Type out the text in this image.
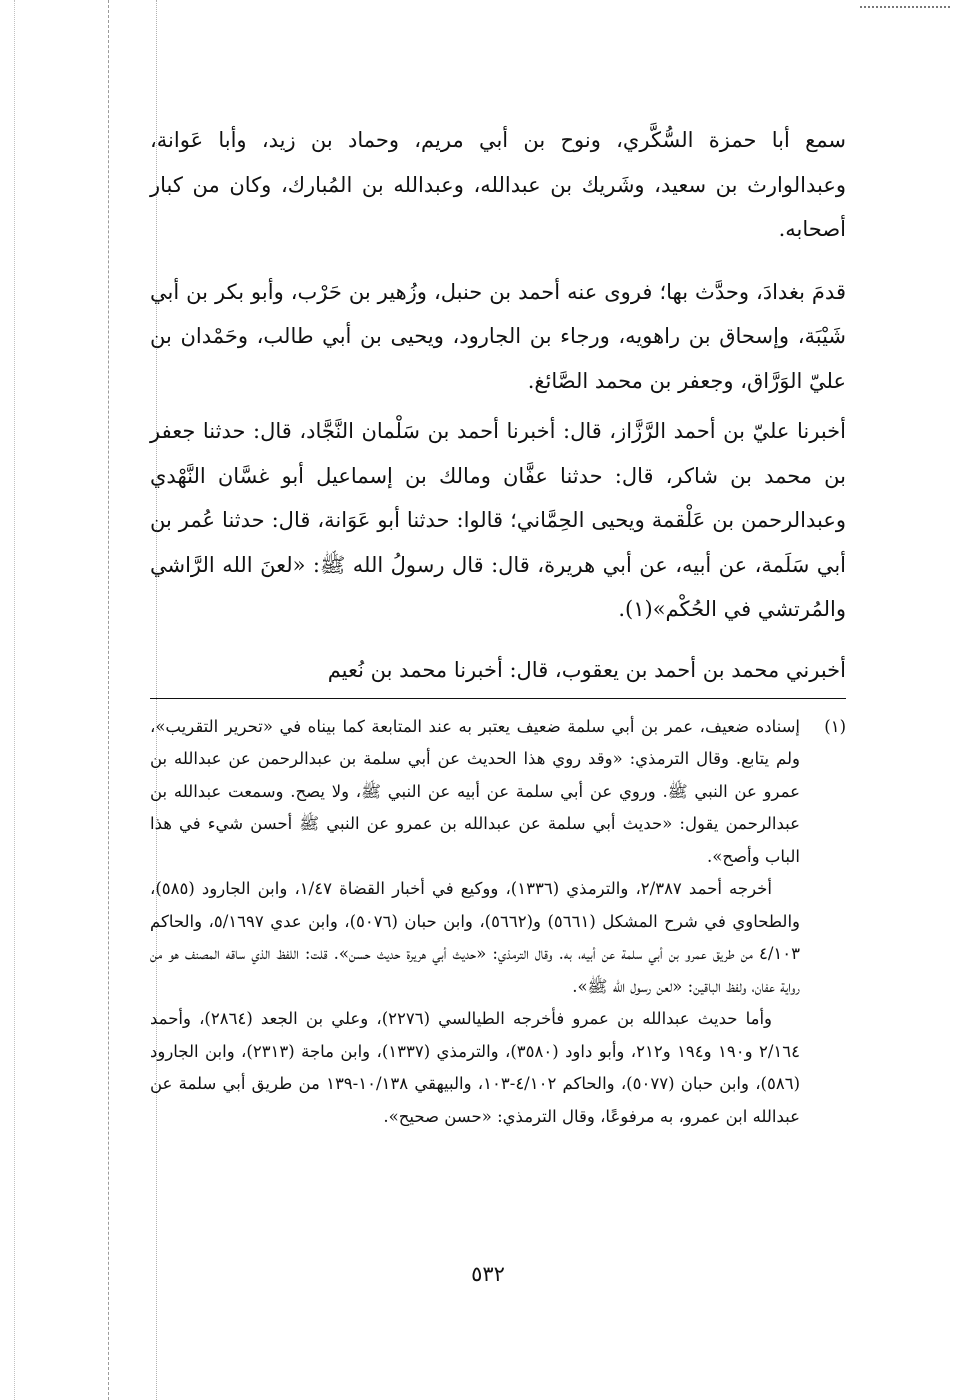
سمع أبا حمزة السُّكَّري، ونوح بن أبي مريم، وحماد بن زيد، وأبا عَوانة، وعبدالوارث بن سعيد، وشَريك بن عبدالله، وعبدالله بن المُبارك، وكان من كبار أصحابه.

قدمَ بغدادَ، وحدَّث بها؛ فروى عنه أحمد بن حنبل، وزُهير بن حَرْب، وأبو بكر بن أبي شَيْبَة، وإسحاق بن راهويه، ورجاء بن الجارود، ويحيى بن أبي طالب، وحَمْدان بن عليّ الوَرَّاق، وجعفر بن محمد الصَّائغ.

أخبرنا عليّ بن أحمد الرَّزَّاز، قال: أخبرنا أحمد بن سَلْمان النَّجَّاد، قال: حدثنا جعفر بن محمد بن شاكر، قال: حدثنا عفَّان ومالك بن إسماعيل أبو غسَّان النَّهْدي وعبدالرحمن بن عَلْقمة ويحيى الحِمَّاني؛ قالوا: حدثنا أبو عَوَانة، قال: حدثنا عُمر بن أبي سَلَمة، عن أبيه، عن أبي هريرة، قال: قال رسولُ الله ﷺ: «لعنَ الله الرَّاشي والمُرتشي في الحُكْم»(١).

أخبرني محمد بن أحمد بن يعقوب، قال: أخبرنا محمد بن نُعيم

(١)

إسناده ضعيف، عمر بن أبي سلمة ضعيف يعتبر به عند المتابعة كما بيناه في «تحرير التقريب»، ولم يتابع. وقال الترمذي: «وقد روي هذا الحديث عن أبي سلمة بن عبدالرحمن عن عبدالله بن عمرو عن النبي ﷺ. وروي عن أبي سلمة عن أبيه عن النبي ﷺ، ولا يصح. وسمعت عبدالله بن عبدالرحمن يقول: «حديث أبي سلمة عن عبدالله بن عمرو عن النبي ﷺ أحسن شيء في هذا الباب وأصح».

أخرجه أحمد ٢/٣٨٧، والترمذي (١٣٣٦)، ووكيع في أخبار القضاة ١/٤٧، وابن الجارود (٥٨٥)، والطحاوي في شرح المشكل (٥٦٦١) و(٥٦٦٢)، وابن حبان (٥٠٧٦)، وابن عدي ٥/١٦٩٧، والحاكم ٤/١٠٣ من طريق عمرو بن أبي سلمة عن أبيه، به. وقال الترمذي: «حديث أبي هريرة حديث حسن». قلت: اللفظ الذي ساقه المصنف هو من رواية عفان، ولفظ الباقين: «لعن رسول الله ﷺ».

وأما حديث عبدالله بن عمرو فأخرجه الطيالسي (٢٢٧٦)، وعلي بن الجعد (٢٨٦٤)، وأحمد ٢/١٦٤ و١٩٠ و١٩٤ و٢١٢، وأبو داود (٣٥٨٠)، والترمذي (١٣٣٧)، وابن ماجة (٢٣١٣)، وابن الجارود (٥٨٦)، وابن حبان (٥٠٧٧)، والحاكم ٤/١٠٢-١٠٣، والبيهقي ١٠/١٣٨-١٣٩ من طريق أبي سلمة عن عبدالله ابن عمرو، به مرفوعًا، وقال الترمذي: «حسن صحيح».

٥٣٢
